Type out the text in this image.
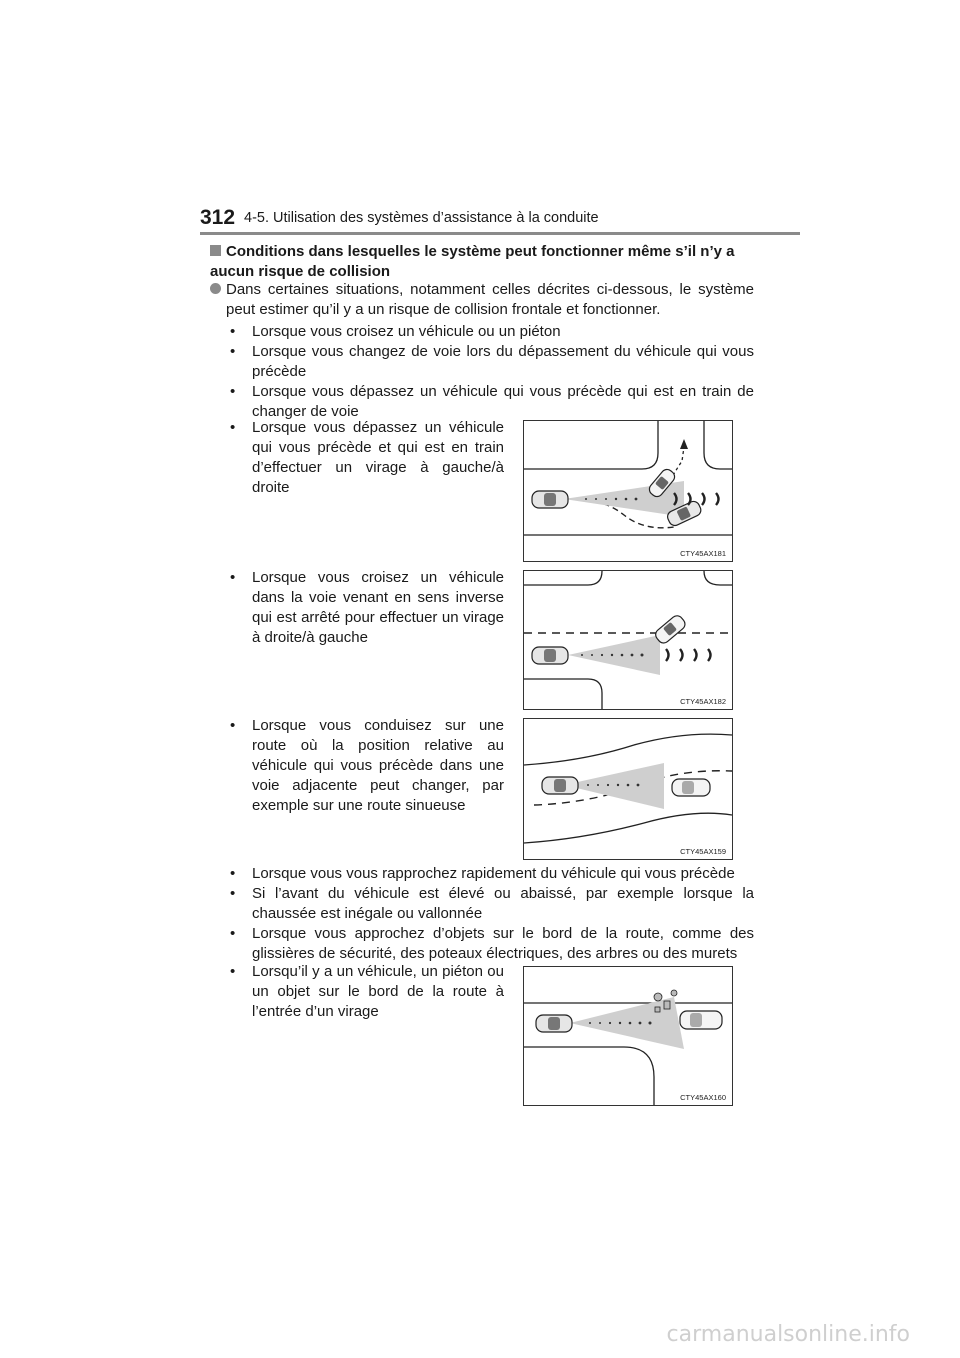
312 4-5. Utilisation des systèmes d’assistance à la conduite
Conditions dans lesquelles le système peut fonctionner même s’il n’y a aucun risque de collision
Dans certaines situations, notamment celles décrites ci-dessous, le système peut estimer qu’il y a un risque de collision frontale et fonctionner.
• Lorsque vous croisez un véhicule ou un piéton
• Lorsque vous changez de voie lors du dépassement du véhicule qui vous précède
• Lorsque vous dépassez un véhicule qui vous précède qui est en train de changer de voie
• Lorsque vous dépassez un véhicule qui vous précède et qui est en train d’effectuer un virage à gauche/à droite
CTY45AX181
• Lorsque vous croisez un véhicule dans la voie venant en sens inverse qui est arrêté pour effectuer un virage à droite/à gauche
CTY45AX182
• Lorsque vous conduisez sur une route où la position relative au véhicule qui vous précède dans une voie adjacente peut changer, par exemple sur une route sinueuse
CTY45AX159
• Lorsque vous vous rapprochez rapidement du véhicule qui vous précède
• Si l’avant du véhicule est élevé ou abaissé, par exemple lorsque la chaussée est inégale ou vallonnée
• Lorsque vous approchez d’objets sur le bord de la route, comme des glissières de sécurité, des poteaux électriques, des arbres ou des murets
• Lorsqu’il y a un véhicule, un piéton ou un objet sur le bord de la route à l’entrée d’un virage
CTY45AX160
carmanualsonline.info
